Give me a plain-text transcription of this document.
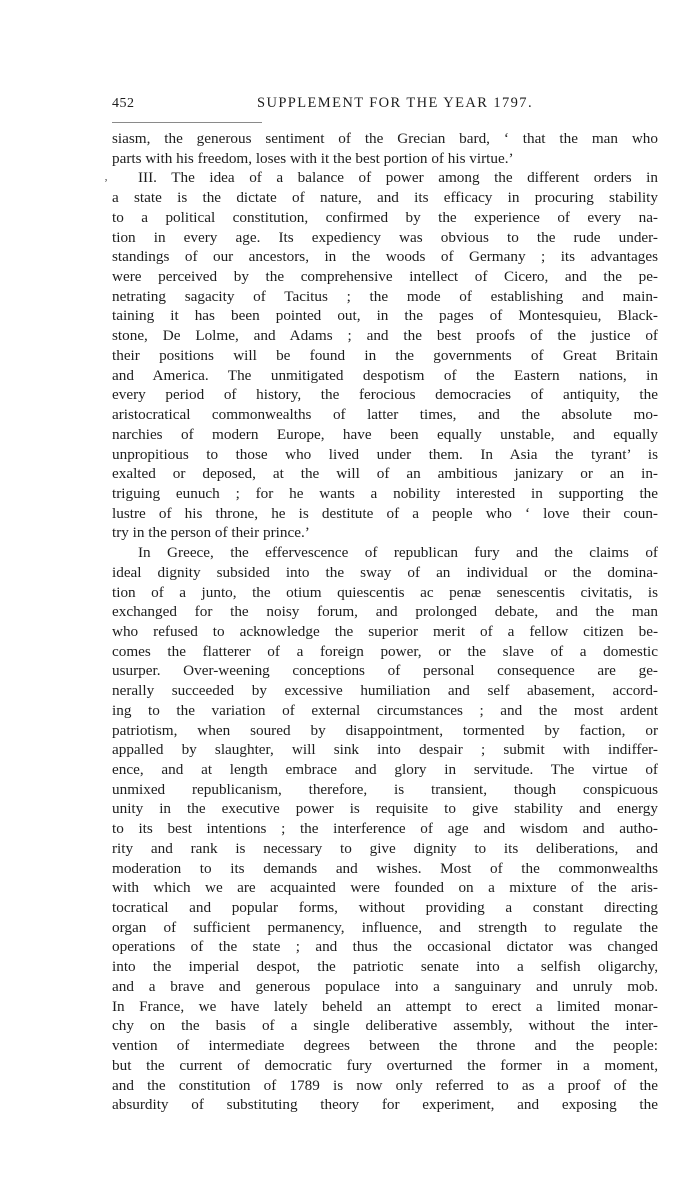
452	SUPPLEMENT FOR THE YEAR 1797.
ʼ
siasm, the generous sentiment of the Grecian bard, ‘ that the man who
parts with his freedom, loses with it the best portion of his virtue.’
III. The idea of a balance of power among the different orders in
a state is the dictate of nature, and its efficacy in procuring stability
to a political constitution, confirmed by the experience of every na-
tion in every age. Its expediency was obvious to the rude under-
standings of our ancestors, in the woods of Germany ; its advantages
were perceived by the comprehensive intellect of Cicero, and the pe-
netrating sagacity of Tacitus ; the mode of establishing and main-
taining it has been pointed out, in the pages of Montesquieu, Black-
stone, De Lolme, and Adams ; and the best proofs of the justice of
their positions will be found in the governments of Great Britain
and America. The unmitigated despotism of the Eastern nations, in
every period of history, the ferocious democracies of antiquity, the
aristocratical commonwealths of latter times, and the absolute mo-
narchies of modern Europe, have been equally unstable, and equally
unpropitious to those who lived under them. In Asia the tyrant’ is
exalted or deposed, at the will of an ambitious janizary or an in-
triguing eunuch ; for he wants a nobility interested in supporting the
lustre of his throne, he is destitute of a people who ‘ love their coun-
try in the person of their prince.’
In Greece, the effervescence of republican fury and the claims of
ideal dignity subsided into the sway of an individual or the domina-
tion of a junto, the otium quiescentis ac penæ senescentis civitatis, is
exchanged for the noisy forum, and prolonged debate, and the man
who refused to acknowledge the superior merit of a fellow citizen be-
comes the flatterer of a foreign power, or the slave of a domestic
usurper. Over-weening conceptions of personal consequence are ge-
nerally succeeded by excessive humiliation and self abasement, accord-
ing to the variation of external circumstances ; and the most ardent
patriotism, when soured by disappointment, tormented by faction, or
appalled by slaughter, will sink into despair ; submit with indiffer-
ence, and at length embrace and glory in servitude. The virtue of
unmixed republicanism, therefore, is transient, though conspicuous
unity in the executive power is requisite to give stability and energy
to its best intentions ; the interference of age and wisdom and autho-
rity and rank is necessary to give dignity to its deliberations, and
moderation to its demands and wishes. Most of the commonwealths
with which we are acquainted were founded on a mixture of the aris-
tocratical and popular forms, without providing a constant directing
organ of sufficient permanency, influence, and strength to regulate the
operations of the state ; and thus the occasional dictator was changed
into the imperial despot, the patriotic senate into a selfish oligarchy,
and a brave and generous populace into a sanguinary and unruly mob.
In France, we have lately beheld an attempt to erect a limited monar-
chy on the basis of a single deliberative assembly, without the inter-
vention of intermediate degrees between the throne and the people:
but the current of democratic fury overturned the former in a moment,
and the constitution of 1789 is now only referred to as a proof of the
absurdity of substituting theory for experiment, and exposing the
